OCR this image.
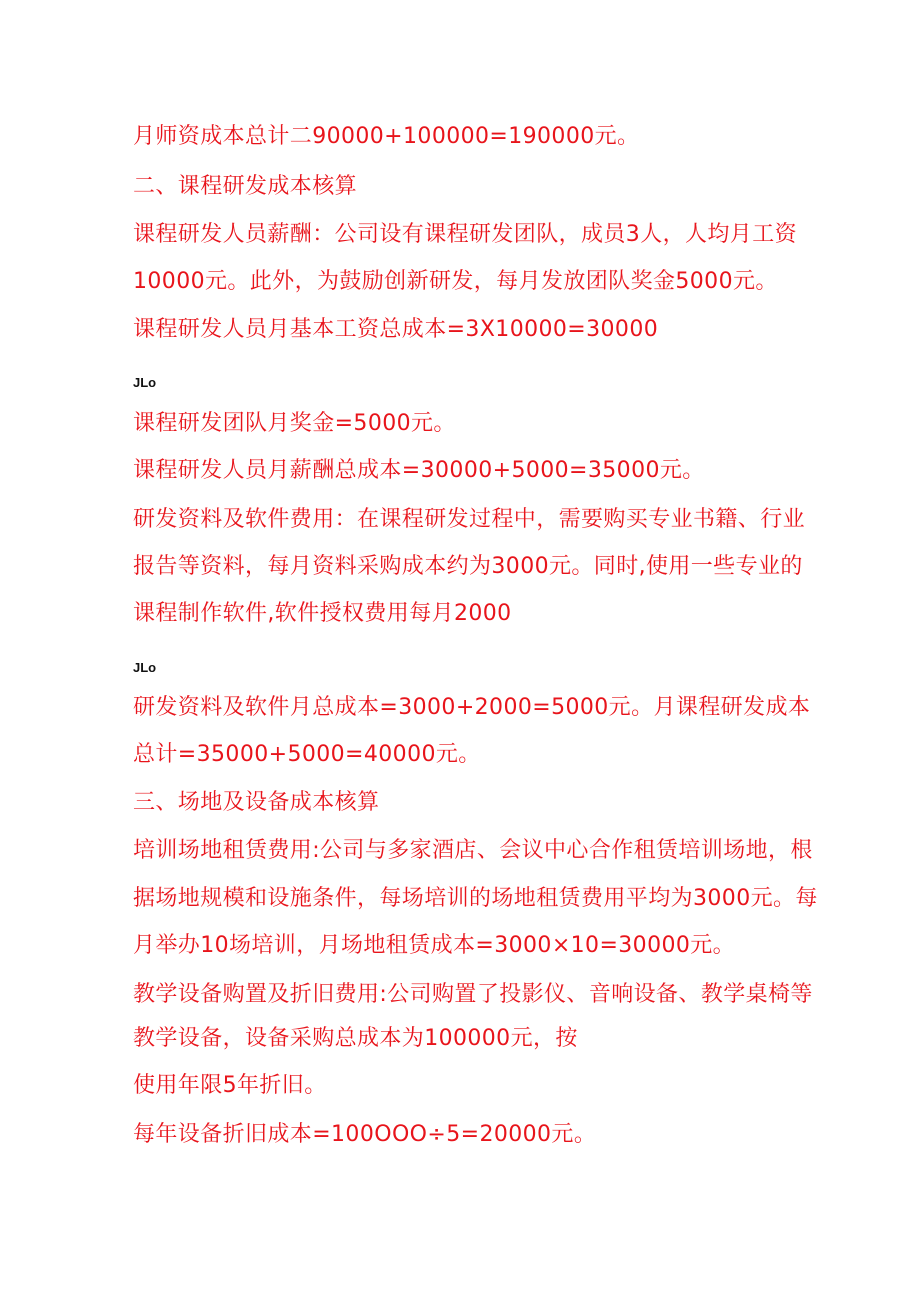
月师资成本总计二90000+100000=190000元。
二、课程研发成本核算
课程研发人员薪酬：公司设有课程研发团队，成员3人，人均月工资
10000元。此外，为鼓励创新研发，每月发放团队奖金5000元。
课程研发人员月基本工资总成本=3X10000=30000
JLo
课程研发团队月奖金=5000元。
课程研发人员月薪酬总成本=30000+5000=35000元。
研发资料及软件费用：在课程研发过程中，需要购买专业书籍、行业
报告等资料，每月资料采购成本约为3000元。同时,使用一些专业的
课程制作软件,软件授权费用每月2000
JLo
研发资料及软件月总成本=3000+2000=5000元。月课程研发成本
总计=35000+5000=40000元。
三、场地及设备成本核算
培训场地租赁费用:公司与多家酒店、会议中心合作租赁培训场地，根
据场地规模和设施条件，每场培训的场地租赁费用平均为3000元。每
月举办10场培训，月场地租赁成本=3000×10=30000元。
教学设备购置及折旧费用:公司购置了投影仪、音响设备、教学桌椅等
教学设备，设备采购总成本为100000元，按
使用年限5年折旧。
每年设备折旧成本=100OOO÷5=20000元。
